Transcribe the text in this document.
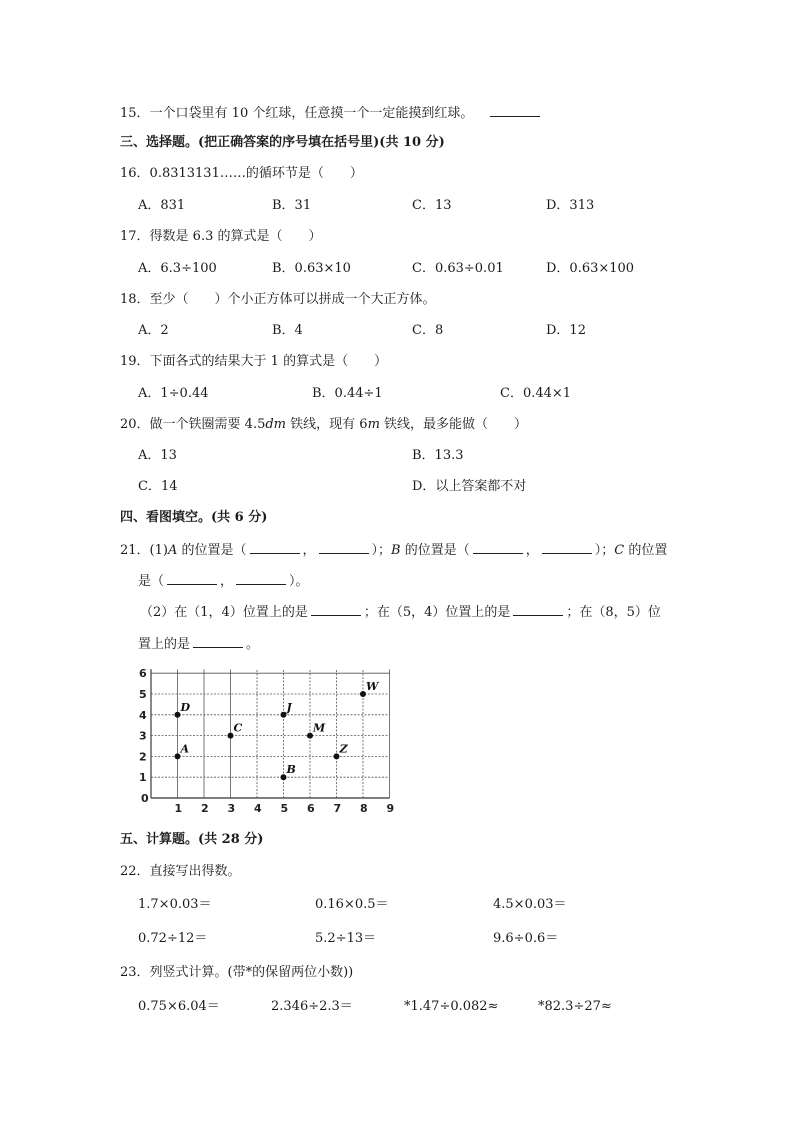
15．一个口袋里有 10 个红球，任意摸一个一定能摸到红球。
三、选择题。(把正确答案的序号填在括号里)(共 10 分)
16．0.8313131……的循环节是（　　）
A．831	B．31	C．13	D．313
17．得数是 6.3 的算式是（　　）
A．6.3÷100	B．0.63×10	C．0.63÷0.01	D．0.63×100
18．至少（　　）个小正方体可以拼成一个大正方体。
A．2	B．4	C．8	D．12
19．下面各式的结果大于 1 的算式是（　　）
A．1÷0.44	B．0.44÷1	C．0.44×1
20．做一个铁圈需要 4.5dm 铁线，现有 6m 铁线，最多能做（　　）
A．13	B．13.3
C．14	D．以上答案都不对
四、看图填空。(共 6 分)
21．(1)A 的位置是（	，	）；B 的位置是（	，	）；C 的位置
是（	，	）。
（2）在（1，4）位置上的是	；在（5，4）位置上的是	；在（8，5）位
置上的是	。
0
1 2 3 4 5 6 7 8 9
1
2
3
4
5
6
D
A
C
J
M
B
Z
W
五、计算题。(共 28 分)
22．直接写出得数。
1.7×0.03＝	0.16×0.5＝	4.5×0.03＝
0.72÷12＝	5.2÷13＝	9.6÷0.6＝
23．列竖式计算。(带*的保留两位小数))
0.75×6.04＝	2.346÷2.3＝	*1.47÷0.082≈	*82.3÷27≈
